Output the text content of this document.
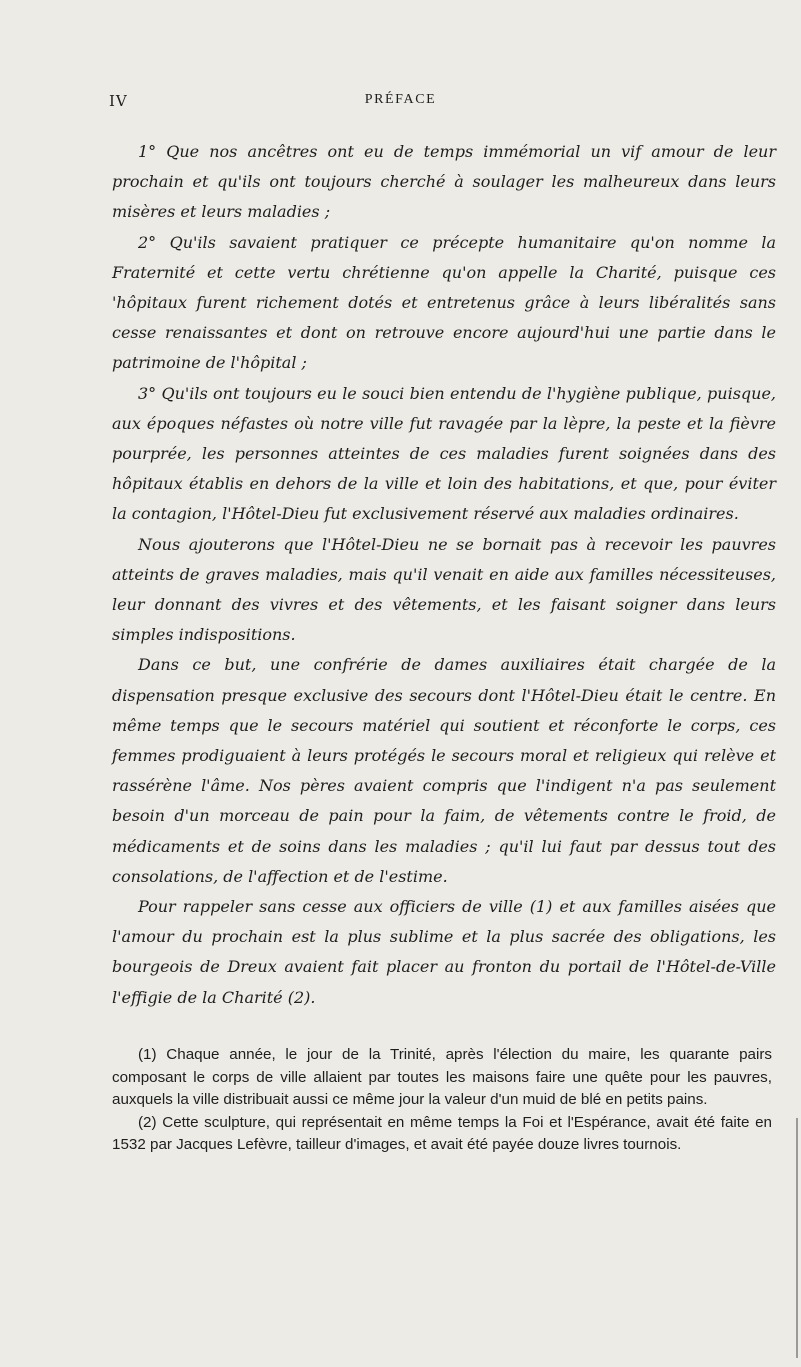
IV	PRÉFACE

1° Que nos ancêtres ont eu de temps immémorial un vif amour de leur prochain et qu'ils ont toujours cherché à soulager les malheureux dans leurs misères et leurs maladies ;

2° Qu'ils savaient pratiquer ce précepte humanitaire qu'on nomme la Fraternité et cette vertu chrétienne qu'on appelle la Charité, puisque ces 'hôpitaux furent richement dotés et entretenus grâce à leurs libéralités sans cesse renaissantes et dont on retrouve encore aujourd'hui une partie dans le patrimoine de l'hôpital ;

3° Qu'ils ont toujours eu le souci bien entendu de l'hygiène publique, puisque, aux époques néfastes où notre ville fut ravagée par la lèpre, la peste et la fièvre pourprée, les personnes atteintes de ces maladies furent soignées dans des hôpitaux établis en dehors de la ville et loin des habitations, et que, pour éviter la contagion, l'Hôtel-Dieu fut exclusivement réservé aux maladies ordinaires.

Nous ajouterons que l'Hôtel-Dieu ne se bornait pas à recevoir les pauvres atteints de graves maladies, mais qu'il venait en aide aux familles nécessiteuses, leur donnant des vivres et des vêtements, et les faisant soigner dans leurs simples indispositions.

Dans ce but, une confrérie de dames auxiliaires était chargée de la dispensation presque exclusive des secours dont l'Hôtel-Dieu était le centre. En même temps que le secours matériel qui soutient et réconforte le corps, ces femmes prodiguaient à leurs protégés le secours moral et religieux qui relève et rassérène l'âme. Nos pères avaient compris que l'indigent n'a pas seulement besoin d'un morceau de pain pour la faim, de vêtements contre le froid, de médicaments et de soins dans les maladies ; qu'il lui faut par dessus tout des consolations, de l'affection et de l'estime.

Pour rappeler sans cesse aux officiers de ville (1) et aux familles aisées que l'amour du prochain est la plus sublime et la plus sacrée des obligations, les bourgeois de Dreux avaient fait placer au fronton du portail de l'Hôtel-de-Ville l'effigie de la Charité (2).

(1) Chaque année, le jour de la Trinité, après l'élection du maire, les quarante pairs composant le corps de ville allaient par toutes les maisons faire une quête pour les pauvres, auxquels la ville distribuait aussi ce même jour la valeur d'un muid de blé en petits pains.

(2) Cette sculpture, qui représentait en même temps la Foi et l'Espérance, avait été faite en 1532 par Jacques Lefèvre, tailleur d'images, et avait été payée douze livres tournois.
